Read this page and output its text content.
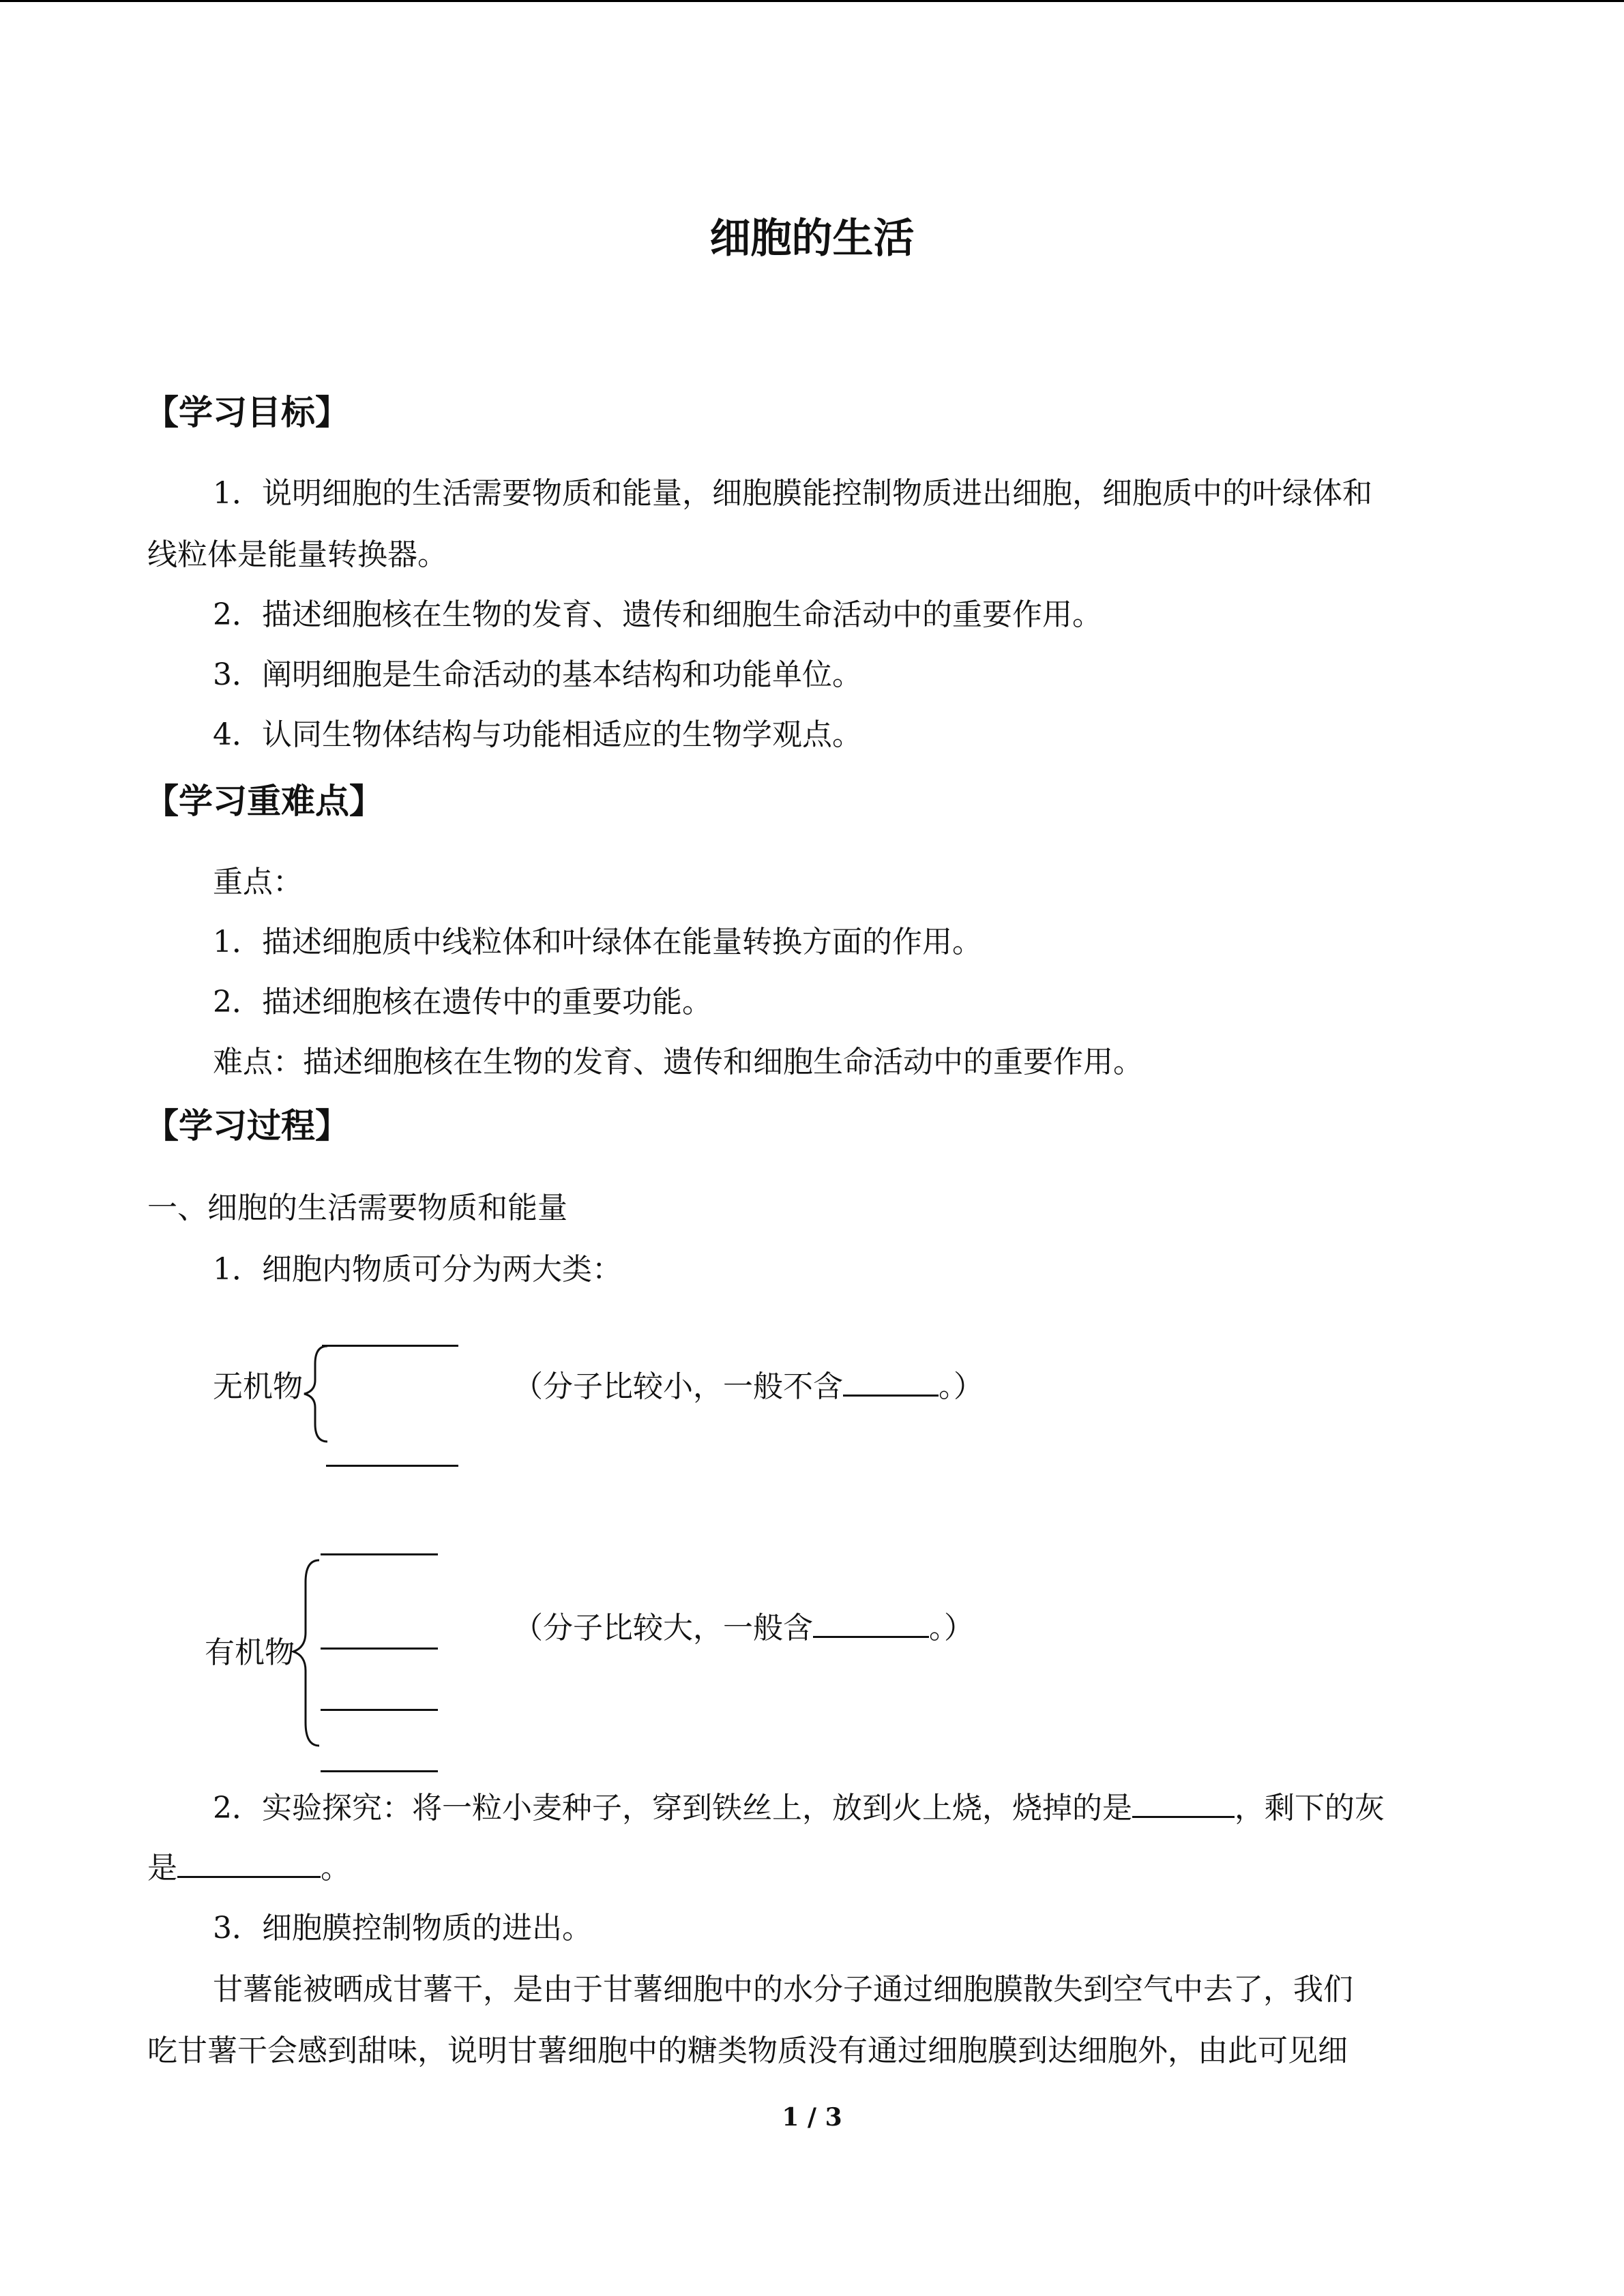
细胞的生活
【学习目标】
1．说明细胞的生活需要物质和能量，细胞膜能控制物质进出细胞，细胞质中的叶绿体和
线粒体是能量转换器。
2．描述细胞核在生物的发育、遗传和细胞生命活动中的重要作用。
3．阐明细胞是生命活动的基本结构和功能单位。
4．认同生物体结构与功能相适应的生物学观点。
【学习重难点】
重点：
1．描述细胞质中线粒体和叶绿体在能量转换方面的作用。
2．描述细胞核在遗传中的重要功能。
难点：描述细胞核在生物的发育、遗传和细胞生命活动中的重要作用。
【学习过程】
一、细胞的生活需要物质和能量
1．细胞内物质可分为两大类：
无机物	（分子比较小，一般不含	。）
有机物
（分子比较大，一般含	。）
2．实验探究：将一粒小麦种子，穿到铁丝上，放到火上烧，烧掉的是	，剩下的灰
是	。
3．细胞膜控制物质的进出。
甘薯能被晒成甘薯干，是由于甘薯细胞中的水分子通过细胞膜散失到空气中去了，我们
吃甘薯干会感到甜味，说明甘薯细胞中的糖类物质没有通过细胞膜到达细胞外，由此可见细
1 / 3
